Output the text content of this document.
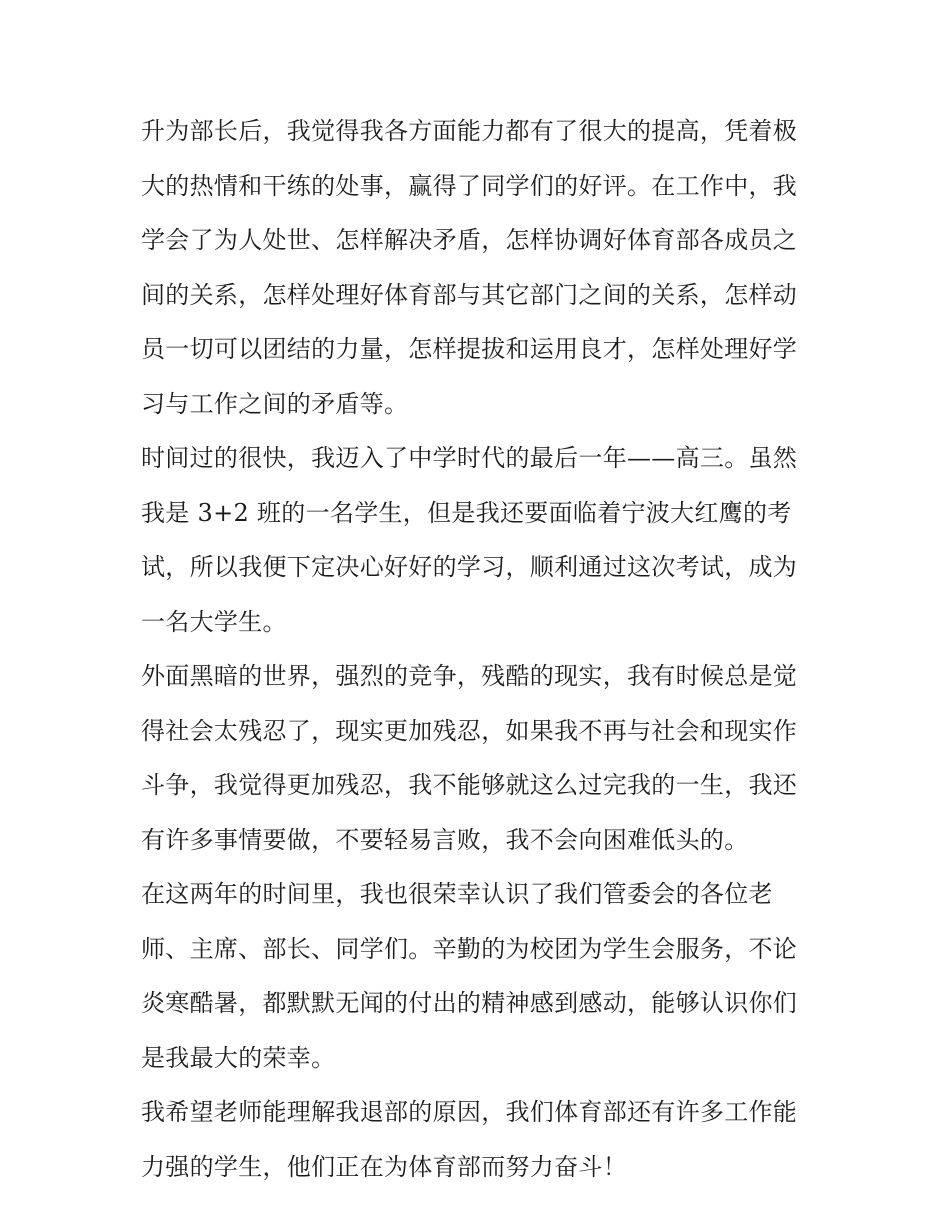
升为部长后，我觉得我各方面能力都有了很大的提高，凭着极
大的热情和干练的处事，赢得了同学们的好评。在工作中，我
学会了为人处世、怎样解决矛盾，怎样协调好体育部各成员之
间的关系，怎样处理好体育部与其它部门之间的关系，怎样动
员一切可以团结的力量，怎样提拔和运用良才，怎样处理好学
习与工作之间的矛盾等。
时间过的很快，我迈入了中学时代的最后一年——高三。虽然
我是 3+2 班的一名学生，但是我还要面临着宁波大红鹰的考
试，所以我便下定决心好好的学习，顺利通过这次考试，成为
一名大学生。
外面黑暗的世界，强烈的竞争，残酷的现实，我有时候总是觉
得社会太残忍了，现实更加残忍，如果我不再与社会和现实作
斗争，我觉得更加残忍，我不能够就这么过完我的一生，我还
有许多事情要做，不要轻易言败，我不会向困难低头的。
在这两年的时间里，我也很荣幸认识了我们管委会的各位老
师、主席、部长、同学们。辛勤的为校团为学生会服务，不论
炎寒酷暑，都默默无闻的付出的精神感到感动，能够认识你们
是我最大的荣幸。
我希望老师能理解我退部的原因，我们体育部还有许多工作能
力强的学生，他们正在为体育部而努力奋斗！
